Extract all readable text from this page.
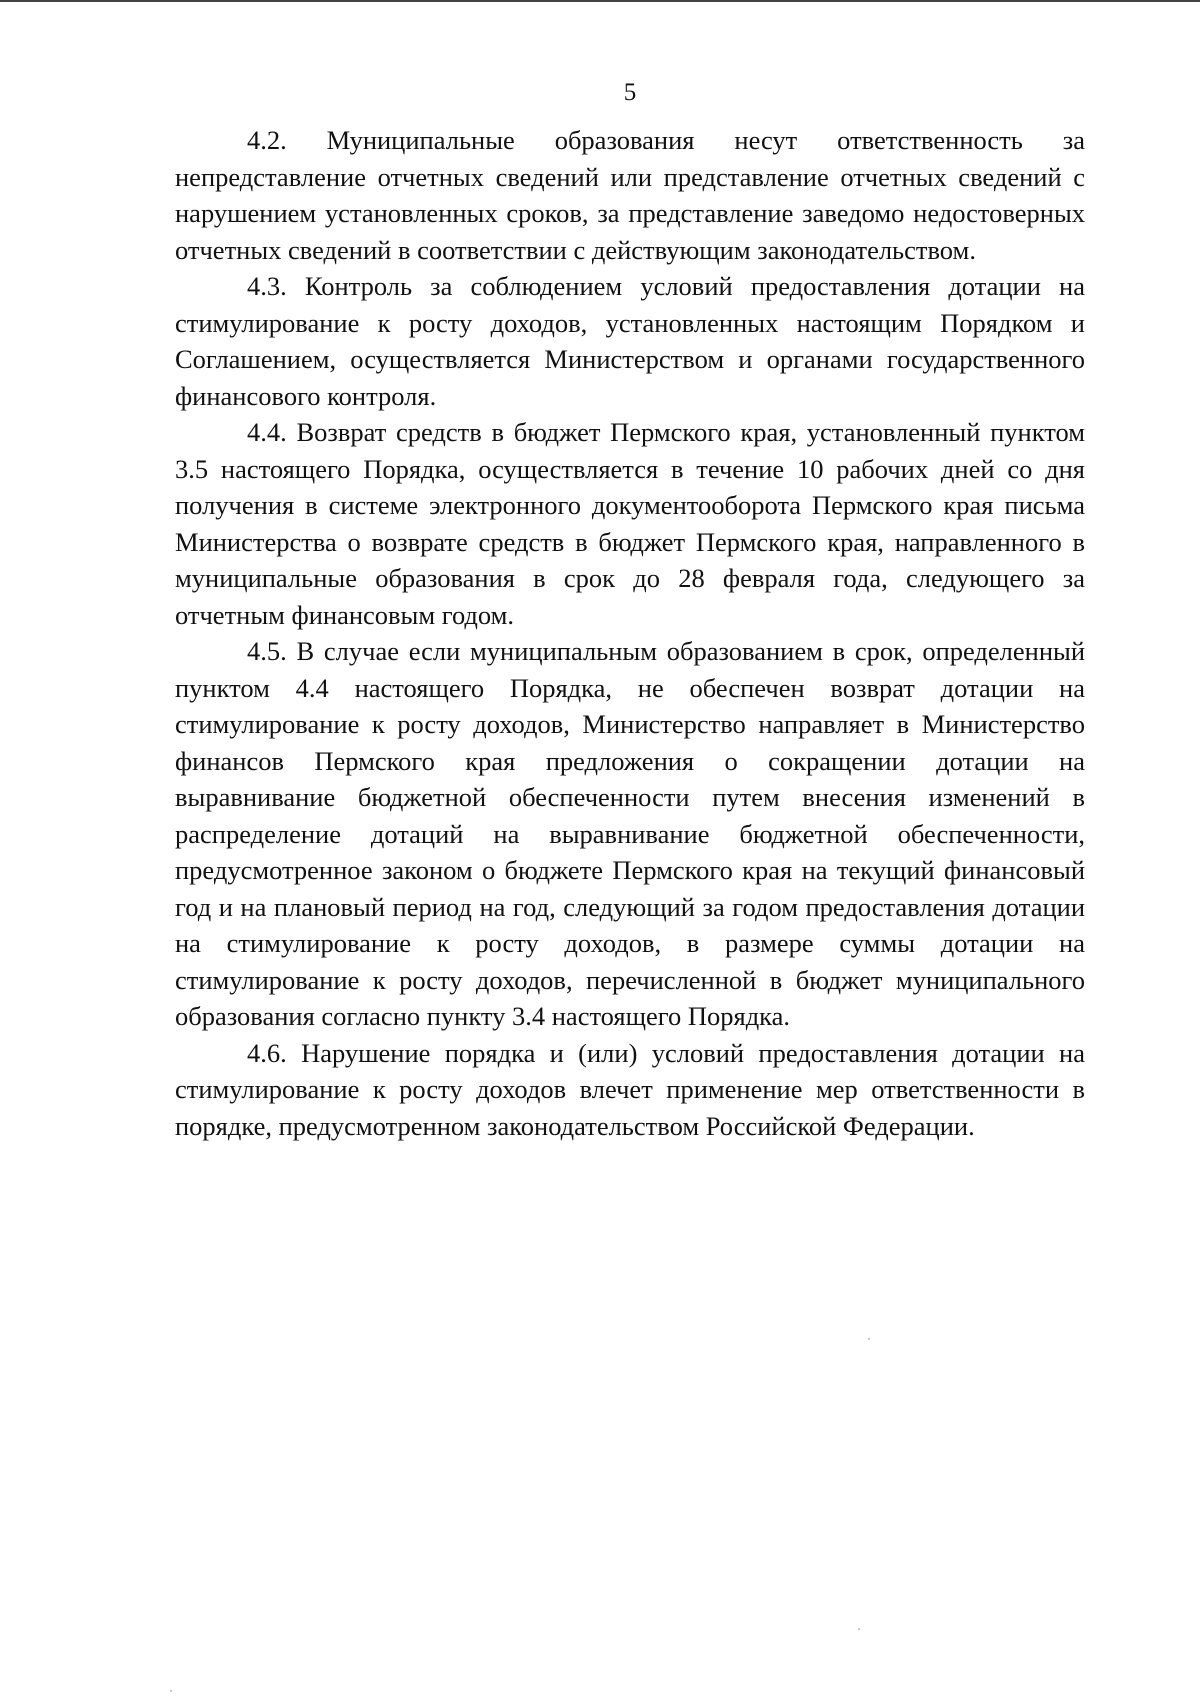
5

4.2. Муниципальные образования несут ответственность за непредставление отчетных сведений или представление отчетных сведений с нарушением установленных сроков, за представление заведомо недостоверных отчетных сведений в соответствии с действующим законодательством.

4.3. Контроль за соблюдением условий предоставления дотации на стимулирование к росту доходов, установленных настоящим Порядком и Соглашением, осуществляется Министерством и органами государственного финансового контроля.

4.4. Возврат средств в бюджет Пермского края, установленный пунктом 3.5 настоящего Порядка, осуществляется в течение 10 рабочих дней со дня получения в системе электронного документооборота Пермского края письма Министерства о возврате средств в бюджет Пермского края, направленного в муниципальные образования в срок до 28 февраля года, следующего за отчетным финансовым годом.

4.5. В случае если муниципальным образованием в срок, определенный пунктом 4.4 настоящего Порядка, не обеспечен возврат дотации на стимулирование к росту доходов, Министерство направляет в Министерство финансов Пермского края предложения о сокращении дотации на выравнивание бюджетной обеспеченности путем внесения изменений в распределение дотаций на выравнивание бюджетной обеспеченности, предусмотренное законом о бюджете Пермского края на текущий финансовый год и на плановый период на год, следующий за годом предоставления дотации на стимулирование к росту доходов, в размере суммы дотации на стимулирование к росту доходов, перечисленной в бюджет муниципального образования согласно пункту 3.4 настоящего Порядка.

4.6. Нарушение порядка и (или) условий предоставления дотации на стимулирование к росту доходов влечет применение мер ответственности в порядке, предусмотренном законодательством Российской Федерации.
